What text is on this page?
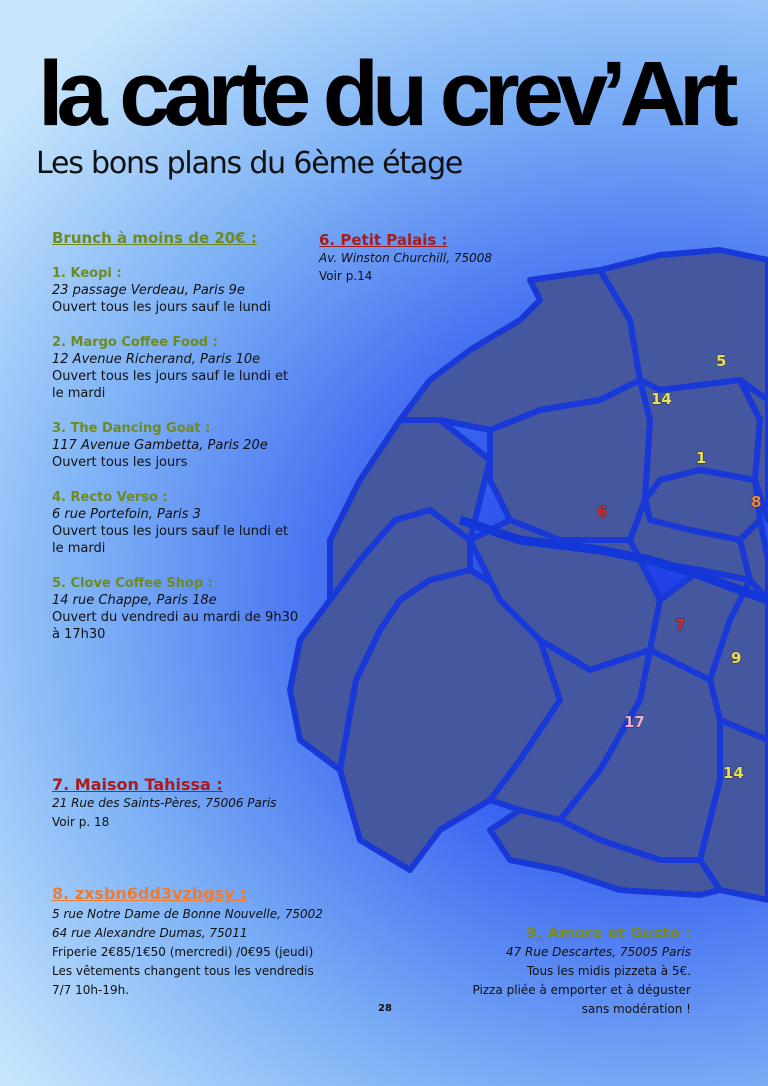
la carte du crev’Art
Les bons plans du 6ème étage
5
14
1
8
6
7
9
17
14
Brunch à moins de 20€ :
1. Keopi :
23 passage Verdeau, Paris 9e
Ouvert tous les jours sauf le lundi
2. Margo Coffee Food :
12 Avenue Richerand, Paris 10e
Ouvert tous les jours sauf le lundi et le mardi
3. The Dancing Goat :
117 Avenue Gambetta, Paris 20e
Ouvert tous les jours
4. Recto Verso :
6 rue Portefoin, Paris 3
Ouvert tous les jours sauf le lundi et le mardi
5. Clove Coffee Shop :
14 rue Chappe, Paris 18e
Ouvert du vendredi au mardi de 9h30 à 17h30
6. Petit Palais :
Av. Winston Churchill, 75008
Voir p.14
7. Maison Tahissa :
21 Rue des Saints-Pères, 75006 Paris
Voir p. 18
8. zxsbn6dd3vzbgsy :
5 rue Notre Dame de Bonne Nouvelle, 75002
64 rue Alexandre Dumas, 75011
Friperie 2€85/1€50 (mercredi) /0€95 (jeudi)
Les vêtements changent tous les vendredis
7/7 10h-19h.
9. Amore et Gusto :
47 Rue Descartes, 75005 Paris
Tous les midis pizzeta à 5€.
Pizza pliée à emporter et à déguster
sans modération !
28
